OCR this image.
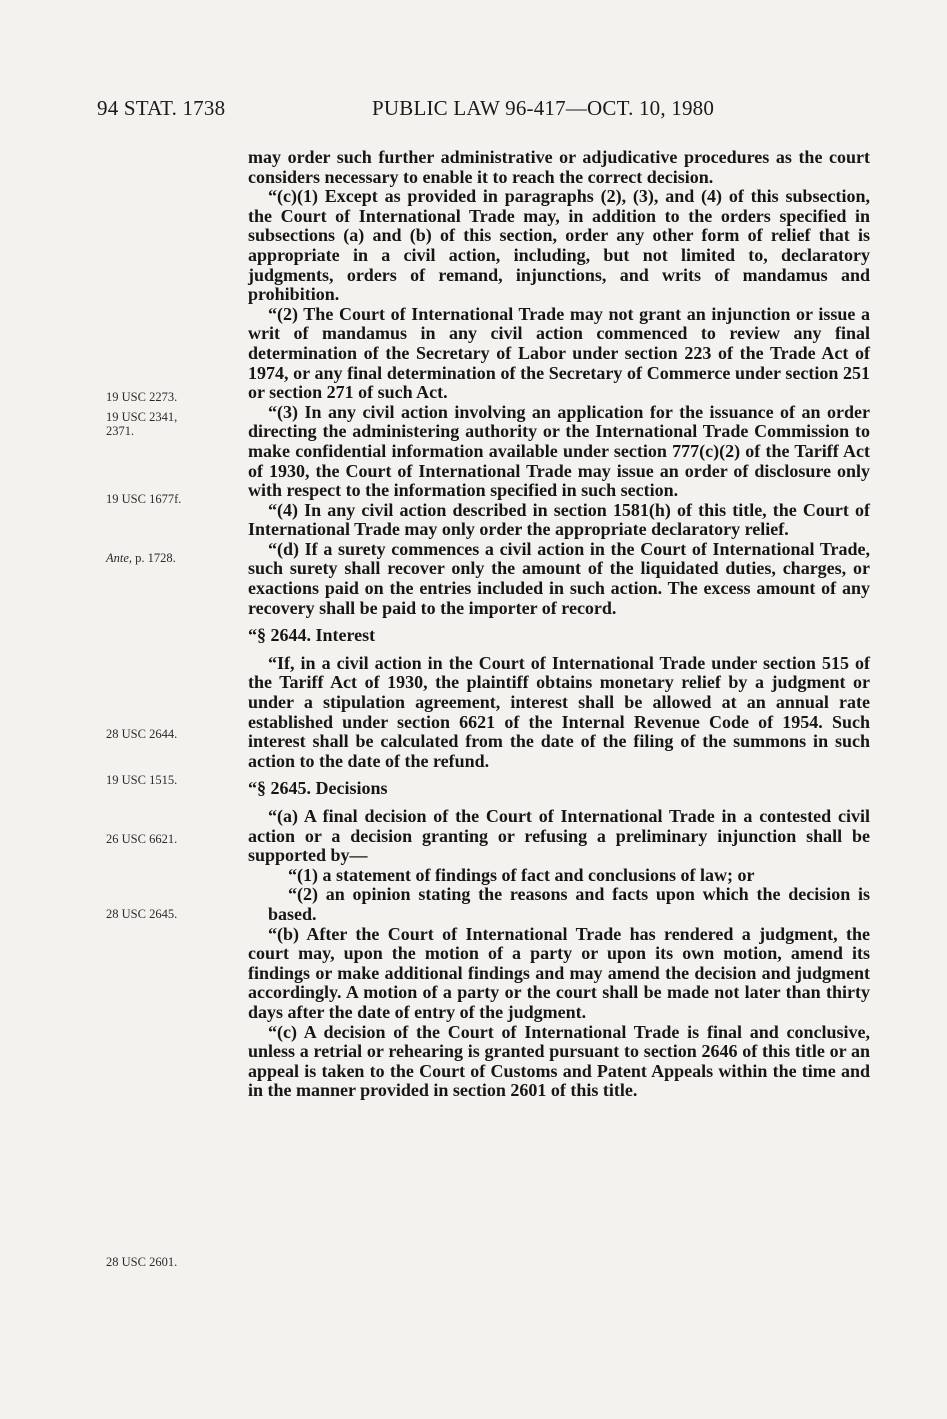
94 STAT. 1738	PUBLIC LAW 96-417—OCT. 10, 1980
19 USC 2273.
19 USC 2341,
2371.
19 USC 1677f.
Ante, p. 1728.
28 USC 2644.
19 USC 1515.
26 USC 6621.
28 USC 2645.
28 USC 2601.

may order such further administrative or adjudicative procedures as the court considers necessary to enable it to reach the correct decision.

“(c)(1) Except as provided in paragraphs (2), (3), and (4) of this subsection, the Court of International Trade may, in addition to the orders specified in subsections (a) and (b) of this section, order any other form of relief that is appropriate in a civil action, including, but not limited to, declaratory judgments, orders of remand, injunctions, and writs of mandamus and prohibition.

“(2) The Court of International Trade may not grant an injunction or issue a writ of mandamus in any civil action commenced to review any final determination of the Secretary of Labor under section 223 of the Trade Act of 1974, or any final determination of the Secretary of Commerce under section 251 or section 271 of such Act.

“(3) In any civil action involving an application for the issuance of an order directing the administering authority or the International Trade Commission to make confidential information available under section 777(c)(2) of the Tariff Act of 1930, the Court of International Trade may issue an order of disclosure only with respect to the information specified in such section.

“(4) In any civil action described in section 1581(h) of this title, the Court of International Trade may only order the appropriate declaratory relief.

“(d) If a surety commences a civil action in the Court of International Trade, such surety shall recover only the amount of the liquidated duties, charges, or exactions paid on the entries included in such action. The excess amount of any recovery shall be paid to the importer of record.

“§ 2644. Interest

“If, in a civil action in the Court of International Trade under section 515 of the Tariff Act of 1930, the plaintiff obtains monetary relief by a judgment or under a stipulation agreement, interest shall be allowed at an annual rate established under section 6621 of the Internal Revenue Code of 1954. Such interest shall be calculated from the date of the filing of the summons in such action to the date of the refund.

“§ 2645. Decisions

“(a) A final decision of the Court of International Trade in a contested civil action or a decision granting or refusing a preliminary injunction shall be supported by—

“(1) a statement of findings of fact and conclusions of law; or

“(2) an opinion stating the reasons and facts upon which the decision is based.

“(b) After the Court of International Trade has rendered a judgment, the court may, upon the motion of a party or upon its own motion, amend its findings or make additional findings and may amend the decision and judgment accordingly. A motion of a party or the court shall be made not later than thirty days after the date of entry of the judgment.

“(c) A decision of the Court of International Trade is final and conclusive, unless a retrial or rehearing is granted pursuant to section 2646 of this title or an appeal is taken to the Court of Customs and Patent Appeals within the time and in the manner provided in section 2601 of this title.
